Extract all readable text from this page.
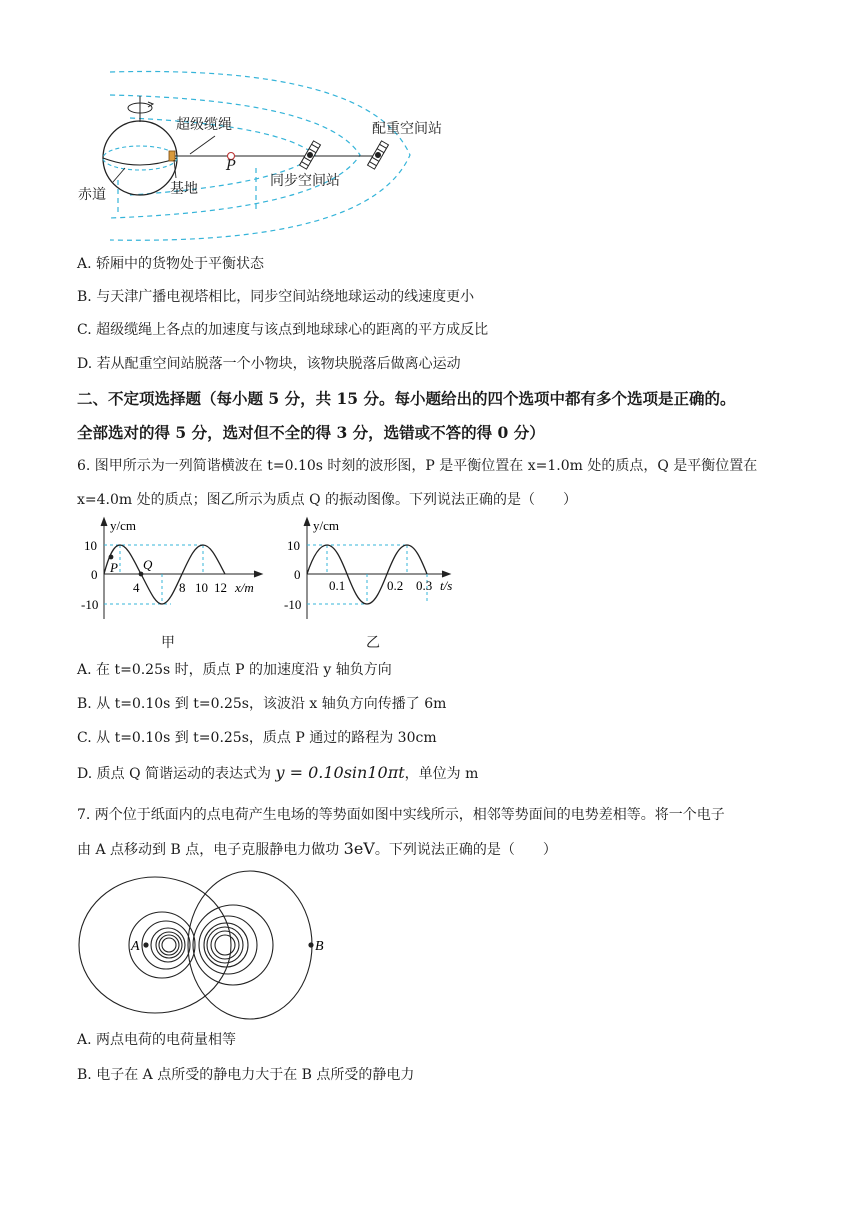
超级缆绳	配重空间站
P
同步空间站
赤道	基地
A. 轿厢中的货物处于平衡状态
B. 与天津广播电视塔相比，同步空间站绕地球运动的线速度更小
C. 超级缆绳上各点的加速度与该点到地球球心的距离的平方成反比
D. 若从配重空间站脱落一个小物块，该物块脱落后做离心运动
二、不定项选择题（每小题 5 分，共 15 分。每小题给出的四个选项中都有多个选项是正确的。
全部选对的得 5 分，选对但不全的得 3 分，选错或不答的得 0 分）
6. 图甲所示为一列简谐横波在 t=0.10s 时刻的波形图，P 是平衡位置在 x=1.0m 处的质点，Q 是平衡位置在
x=4.0m 处的质点；图乙所示为质点 Q 的振动图像。下列说法正确的是（　　）
y/cm
10
0
-10
4	8 10 12 x/m
P Q
甲
y/cm
10
0
-10
0.1	0.2 0.3 t/s
乙
A. 在 t=0.25s 时，质点 P 的加速度沿 y 轴负方向
B. 从 t=0.10s 到 t=0.25s，该波沿 x 轴负方向传播了 6m
C. 从 t=0.10s 到 t=0.25s，质点 P 通过的路程为 30cm
D. 质点 Q 简谐运动的表达式为 y = 0.10sin10πt，单位为 m
7. 两个位于纸面内的点电荷产生电场的等势面如图中实线所示，相邻等势面间的电势差相等。将一个电子
由 A 点移动到 B 点，电子克服静电力做功 3eV。下列说法正确的是（　　）
A	B
A. 两点电荷的电荷量相等
B. 电子在 A 点所受的静电力大于在 B 点所受的静电力
